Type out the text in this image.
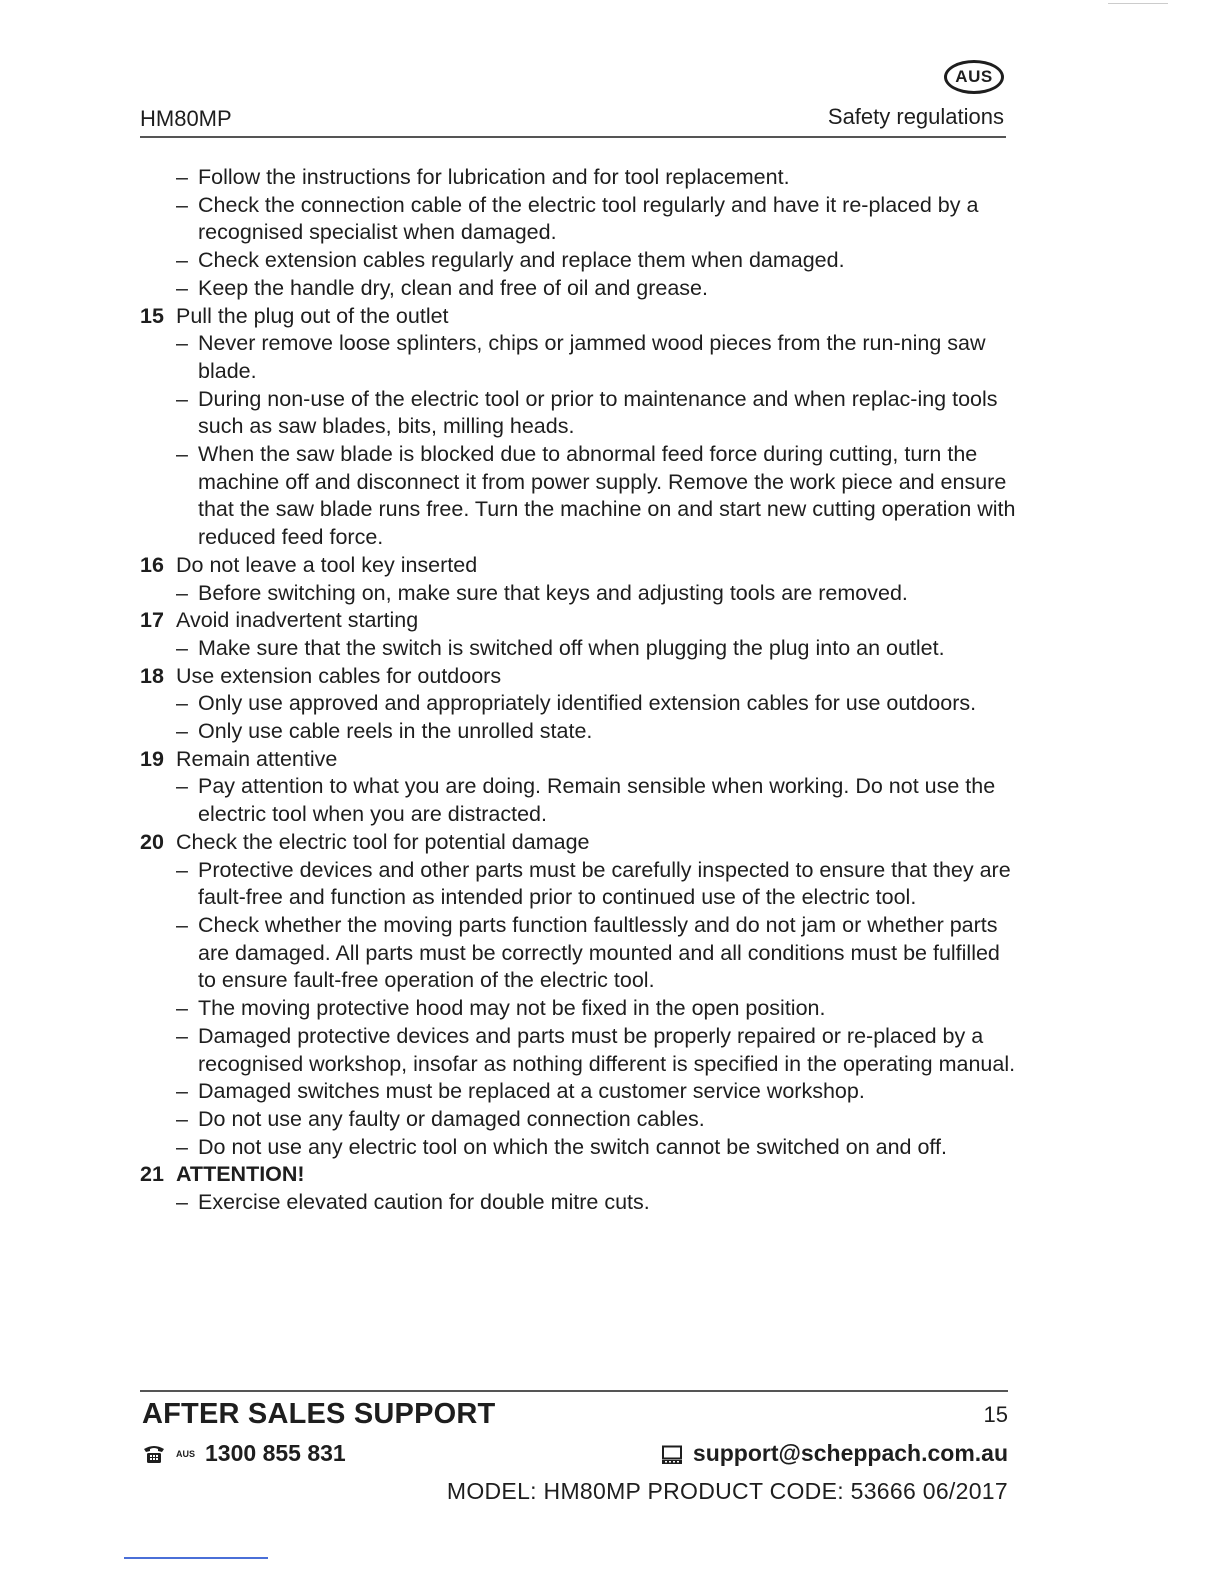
AUS
HM80MP	Safety regulations
– Follow the instructions for lubrication and for tool replacement.
– Check the connection cable of the electric tool regularly and have it re-placed by a recognised specialist when damaged.
– Check extension cables regularly and replace them when damaged.
– Keep the handle dry, clean and free of oil and grease.
15 Pull the plug out of the outlet
– Never remove loose splinters, chips or jammed wood pieces from the run-ning saw blade.
– During non-use of the electric tool or prior to maintenance and when replac-ing tools such as saw blades, bits, milling heads.
– When the saw blade is blocked due to abnormal feed force during cutting, turn the machine off and disconnect it from power supply. Remove the work piece and ensure that the saw blade runs free. Turn the machine on and start new cutting operation with reduced feed force.
16 Do not leave a tool key inserted
– Before switching on, make sure that keys and adjusting tools are removed.
17 Avoid inadvertent starting
– Make sure that the switch is switched off when plugging the plug into an outlet.
18 Use extension cables for outdoors
– Only use approved and appropriately identified extension cables for use outdoors.
– Only use cable reels in the unrolled state.
19 Remain attentive
– Pay attention to what you are doing. Remain sensible when working. Do not use the electric tool when you are distracted.
20 Check the electric tool for potential damage
– Protective devices and other parts must be carefully inspected to ensure that they are fault-free and function as intended prior to continued use of the electric tool.
– Check whether the moving parts function faultlessly and do not jam or whether parts are damaged. All parts must be correctly mounted and all conditions must be fulfilled to ensure fault-free operation of the electric tool.
– The moving protective hood may not be fixed in the open position.
– Damaged protective devices and parts must be properly repaired or re-placed by a recognised workshop, insofar as nothing different is specified in the operating manual.
– Damaged switches must be replaced at a customer service workshop.
– Do not use any faulty or damaged connection cables.
– Do not use any electric tool on which the switch cannot be switched on and off.
21 ATTENTION!
– Exercise elevated caution for double mitre cuts.
AFTER SALES SUPPORT	15
AUS 1300 855 831	support@scheppach.com.au
MODEL: HM80MP PRODUCT CODE: 53666 06/2017
